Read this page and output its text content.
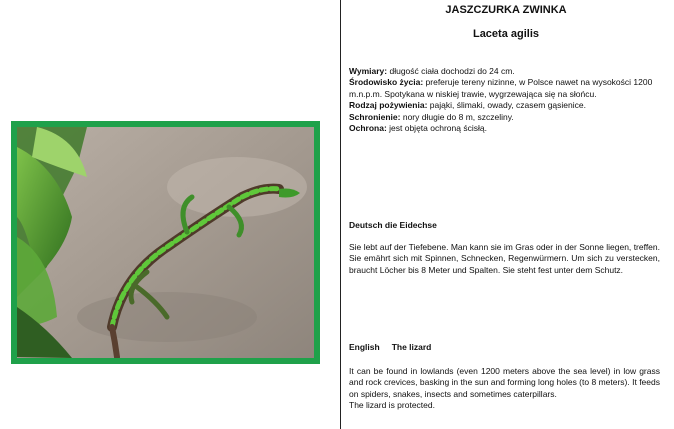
JASZCZURKA ZWINKA
Laceta agilis

Wymiary: długość ciała dochodzi do 24 cm.

Środowisko życia: preferuje tereny nizinne, w Polsce nawet na wysokości 1200 m.n.p.m. Spotykana w niskiej trawie, wygrzewająca się na słońcu.

Rodzaj pożywienia: pająki, ślimaki, owady, czasem gąsienice.

Schronienie: nory długie do 8 m, szczeliny.

Ochrona: jest objęta ochroną ścisłą.

Deutsch die Eidechse

Sie lebt auf der Tiefebene. Man kann sie im Gras oder in der Sonne liegen, treffen. Sie emährt sich mit Spinnen, Schnecken, Regenwürmern. Um sich zu verstecken, braucht Löcher bis 8 Meter und Spalten. Sie steht fest unter dem Schutz.

English The lizard

It can be found in lowlands (even 1200 meters above the sea level) in low grass and rock crevices, basking in the sun and forming long holes (to 8 meters). It feeds on spiders, snakes, insects and sometimes caterpillars.
The lizard is protected.
